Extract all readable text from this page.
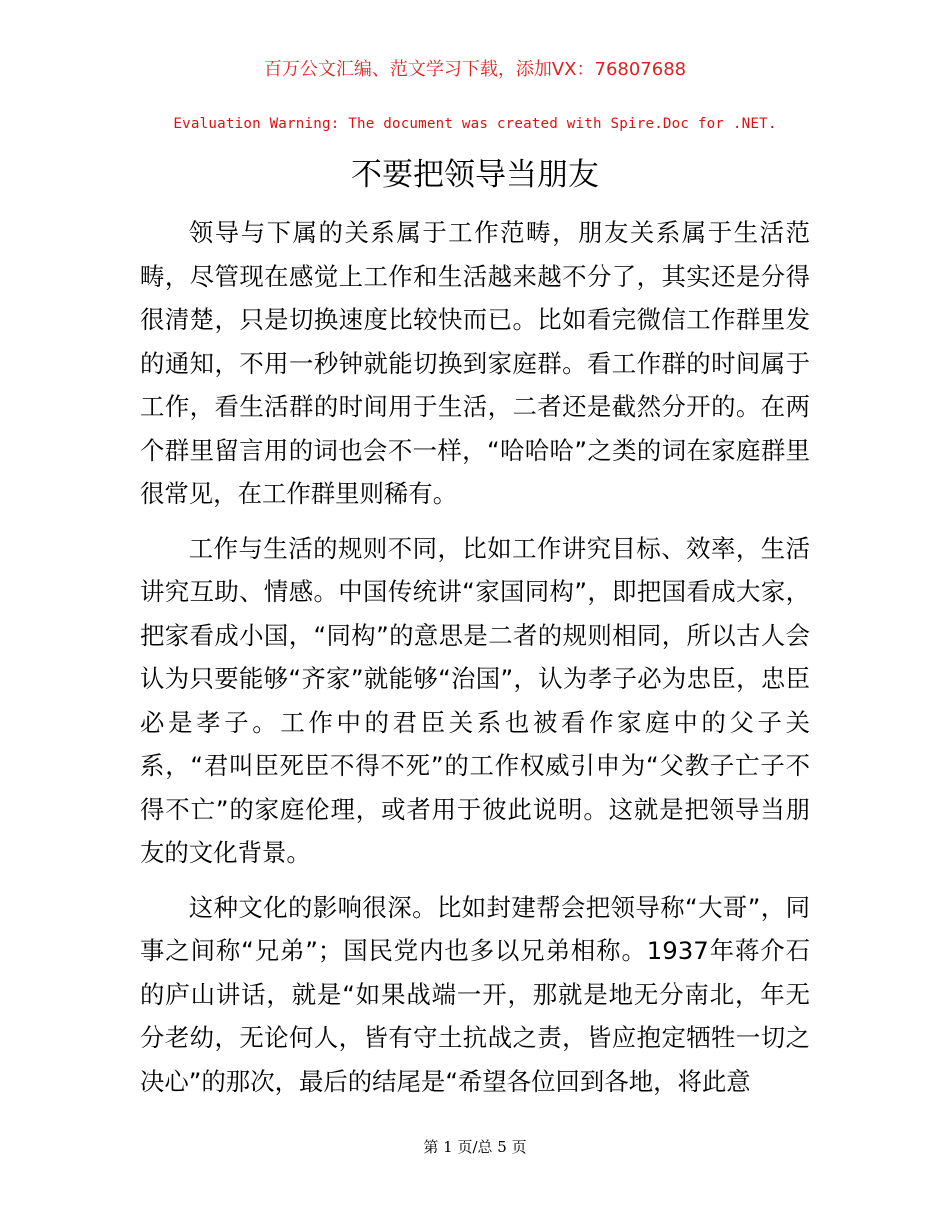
百万公文汇编、范文学习下载，添加VX：76807688
Evaluation Warning: The document was created with Spire.Doc for .NET.
不要把领导当朋友

领导与下属的关系属于工作范畴，朋友关系属于生活范畴，尽管现在感觉上工作和生活越来越不分了，其实还是分得很清楚，只是切换速度比较快而已。比如看完微信工作群里发的通知，不用一秒钟就能切换到家庭群。看工作群的时间属于工作，看生活群的时间用于生活，二者还是截然分开的。在两个群里留言用的词也会不一样，“哈哈哈”之类的词在家庭群里很常见，在工作群里则稀有。

工作与生活的规则不同，比如工作讲究目标、效率，生活讲究互助、情感。中国传统讲“家国同构”，即把国看成大家，把家看成小国，“同构”的意思是二者的规则相同，所以古人会认为只要能够“齐家”就能够“治国”，认为孝子必为忠臣，忠臣必是孝子。工作中的君臣关系也被看作家庭中的父子关系，“君叫臣死臣不得不死”的工作权威引申为“父教子亡子不得不亡”的家庭伦理，或者用于彼此说明。这就是把领导当朋友的文化背景。

这种文化的影响很深。比如封建帮会把领导称“大哥”，同事之间称“兄弟”；国民党内也多以兄弟相称。1937年蒋介石的庐山讲话，就是“如果战端一开，那就是地无分南北，年无分老幼，无论何人，皆有守土抗战之责，皆应抱定牺牲一切之决心”的那次，最后的结尾是“希望各位回到各地，将此意

第 1 页/总 5 页
